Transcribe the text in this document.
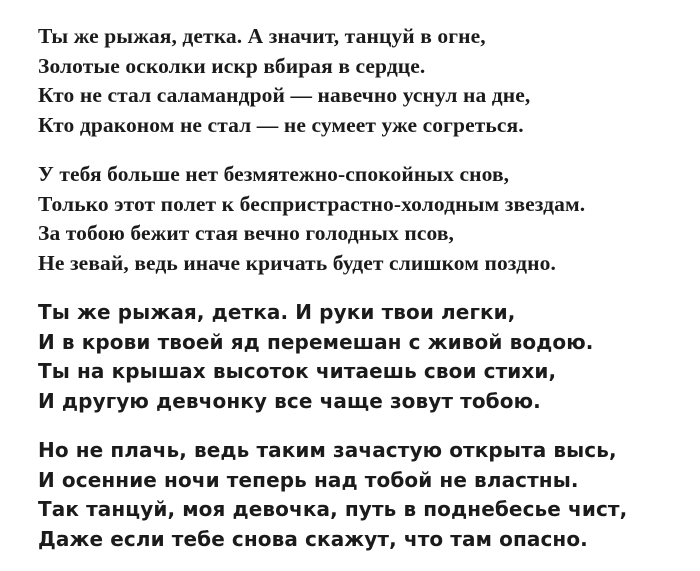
Ты же рыжая, детка. А значит, танцуй в огне,
Золотые осколки искр вбирая в сердце.
Кто не стал саламандрой — навечно уснул на дне,
Кто драконом не стал — не сумеет уже согреться.
У тебя больше нет безмятежно-спокойных снов,
Только этот полет к беспристрастно-холодным звездам.
За тобою бежит стая вечно голодных псов,
Не зевай, ведь иначе кричать будет слишком поздно.
Ты же рыжая, детка. И руки твои легки,
И в крови твоей яд перемешан с живой водою.
Ты на крышах высоток читаешь свои стихи,
И другую девчонку все чаще зовут тобою.
Но не плачь, ведь таким зачастую открыта высь,
И осенние ночи теперь над тобой не властны.
Так танцуй, моя девочка, путь в поднебесье чист,
Даже если тебе снова скажут, что там опасно.
